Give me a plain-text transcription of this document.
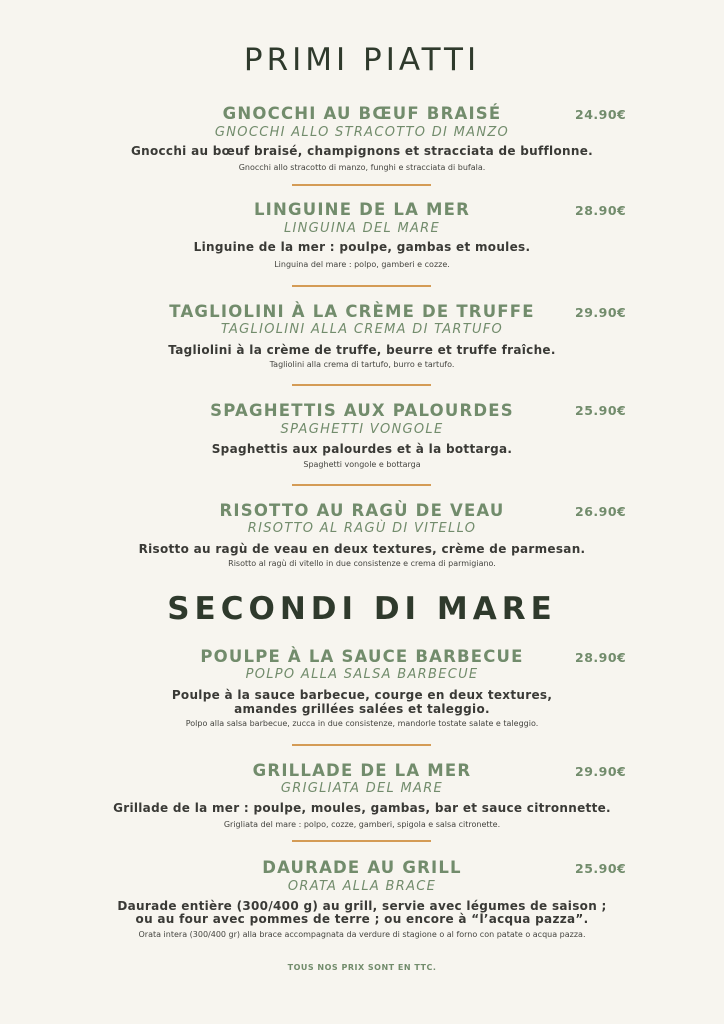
PRIMI PIATTI
GNOCCHI AU BŒUF BRAISÉ	24.90€
GNOCCHI ALLO STRACOTTO DI MANZO
Gnocchi au bœuf braisé, champignons et stracciata de bufflonne.
Gnocchi allo stracotto di manzo, funghi e stracciata di bufala.
LINGUINE DE LA MER	28.90€
LINGUINA DEL MARE
Linguine de la mer : poulpe, gambas et moules.
Linguina del mare : polpo, gamberi e cozze.
TAGLIOLINI À LA CRÈME DE TRUFFE	29.90€
TAGLIOLINI ALLA CREMA DI TARTUFO
Tagliolini à la crème de truffe, beurre et truffe fraîche.
Tagliolini alla crema di tartufo, burro e tartufo.
SPAGHETTIS AUX PALOURDES	25.90€
SPAGHETTI VONGOLE
Spaghettis aux palourdes et à la bottarga.
Spaghetti vongole e bottarga
RISOTTO AU RAGÙ DE VEAU	26.90€
RISOTTO AL RAGÙ DI VITELLO
Risotto au ragù de veau en deux textures, crème de parmesan.
Risotto al ragù di vitello in due consistenze e crema di parmigiano.
SECONDI DI MARE
POULPE À LA SAUCE BARBECUE	28.90€
POLPO ALLA SALSA BARBECUE
Poulpe à la sauce barbecue, courge en deux textures,
amandes grillées salées et taleggio.
Polpo alla salsa barbecue, zucca in due consistenze, mandorle tostate salate e taleggio.
GRILLADE DE LA MER	29.90€
GRIGLIATA DEL MARE
Grillade de la mer : poulpe, moules, gambas, bar et sauce citronnette.
Grigliata del mare : polpo, cozze, gamberi, spigola e salsa citronette.
DAURADE AU GRILL	25.90€
ORATA ALLA BRACE
Daurade entière (300/400 g) au grill, servie avec légumes de saison ;
ou au four avec pommes de terre ; ou encore à “l’acqua pazza”.
Orata intera (300/400 gr) alla brace accompagnata da verdure di stagione o al forno con patate o acqua pazza.
TOUS NOS PRIX SONT EN TTC.
